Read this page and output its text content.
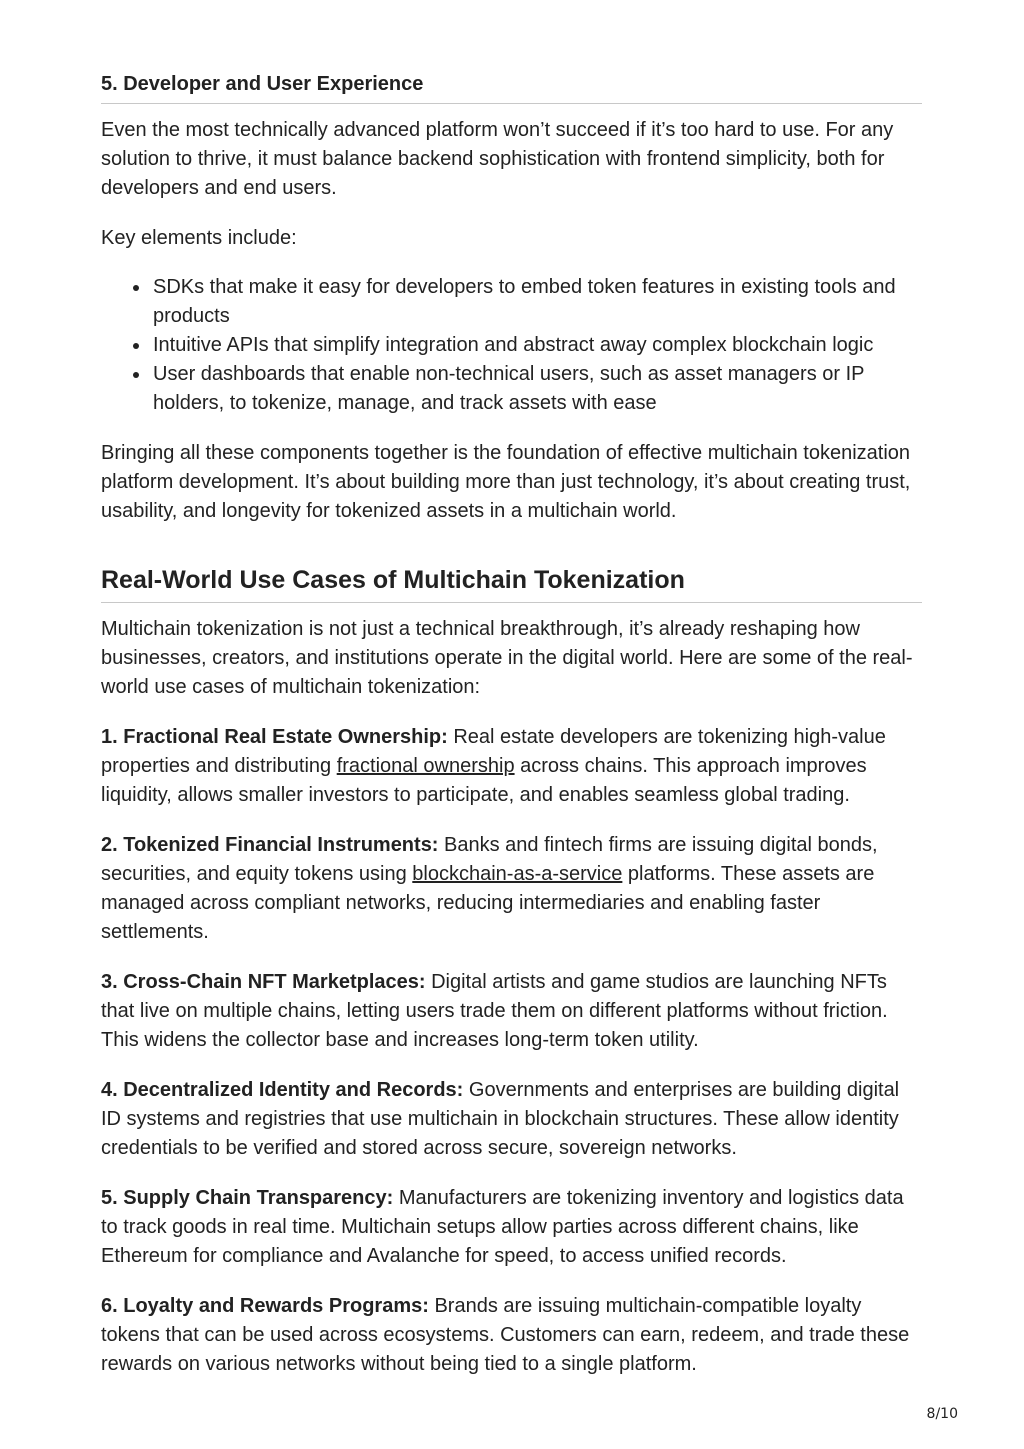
5. Developer and User Experience

Even the most technically advanced platform won’t succeed if it’s too hard to use. For any solution to thrive, it must balance backend sophistication with frontend simplicity, both for developers and end users.

Key elements include:

SDKs that make it easy for developers to embed token features in existing tools and products
Intuitive APIs that simplify integration and abstract away complex blockchain logic
User dashboards that enable non-technical users, such as asset managers or IP holders, to tokenize, manage, and track assets with ease

Bringing all these components together is the foundation of effective multichain tokenization platform development. It’s about building more than just technology, it’s about creating trust, usability, and longevity for tokenized assets in a multichain world.

Real-World Use Cases of Multichain Tokenization

Multichain tokenization is not just a technical breakthrough, it’s already reshaping how businesses, creators, and institutions operate in the digital world. Here are some of the real-world use cases of multichain tokenization:

1. Fractional Real Estate Ownership: Real estate developers are tokenizing high-value properties and distributing fractional ownership across chains. This approach improves liquidity, allows smaller investors to participate, and enables seamless global trading.

2. Tokenized Financial Instruments: Banks and fintech firms are issuing digital bonds, securities, and equity tokens using blockchain-as-a-service platforms. These assets are managed across compliant networks, reducing intermediaries and enabling faster settlements.

3. Cross-Chain NFT Marketplaces: Digital artists and game studios are launching NFTs that live on multiple chains, letting users trade them on different platforms without friction. This widens the collector base and increases long-term token utility.

4. Decentralized Identity and Records: Governments and enterprises are building digital ID systems and registries that use multichain in blockchain structures. These allow identity credentials to be verified and stored across secure, sovereign networks.

5. Supply Chain Transparency: Manufacturers are tokenizing inventory and logistics data to track goods in real time. Multichain setups allow parties across different chains, like Ethereum for compliance and Avalanche for speed, to access unified records.

6. Loyalty and Rewards Programs: Brands are issuing multichain-compatible loyalty tokens that can be used across ecosystems. Customers can earn, redeem, and trade these rewards on various networks without being tied to a single platform.

8/10
